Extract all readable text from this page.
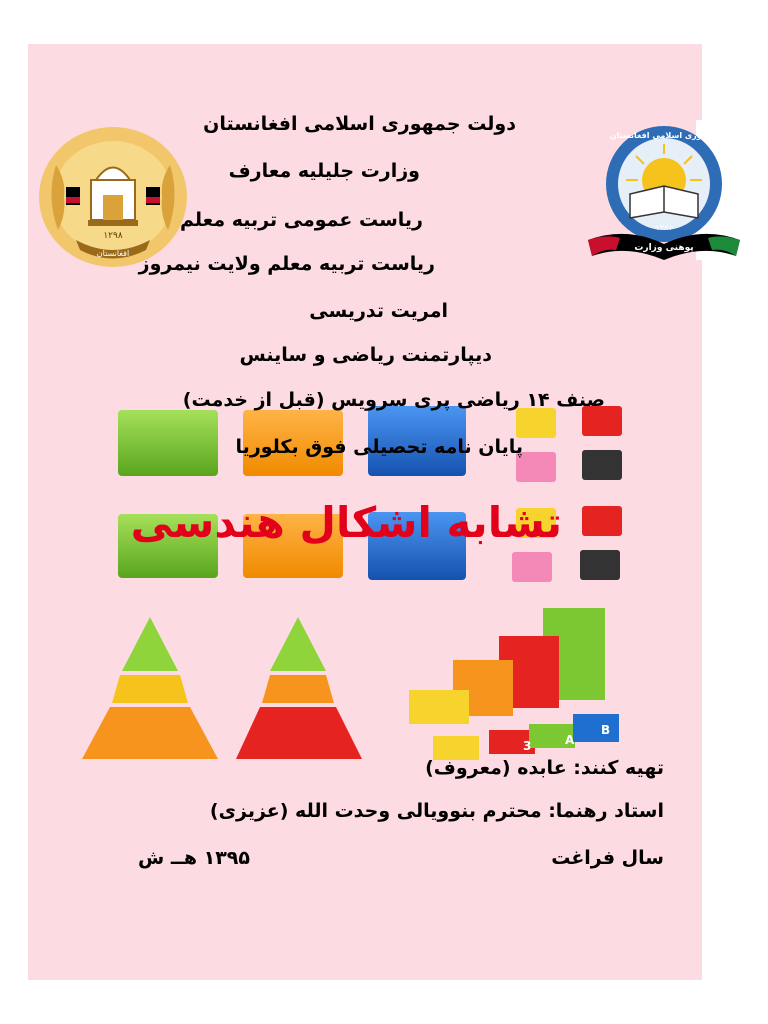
۱۲۹۸
افغانستان
جمهوری اسلامی افغانستان
۱۳۸۱
پوهنی وزارت
دولت جمهوری اسلامی افغانستان
وزارت جلیلیه معارف
ریاست عمومی تربیه معلم
ریاست تربیه معلم ولایت نیمروز
امریت تدریسی
دیپارتمنت ریاضی و ساینس
صنف ۱۴ ریاضی پری سرویس (قبل از خدمت)
پایان نامه تحصیلی فوق بکلوریا
تشابه اشکال هندسی
A
B
3
تهیه کنند: عابده (معروف)
استاد رهنما: محترم بنوویالی وحدت الله (عزیزی)
سال فراغت
۱۳۹۵ هــ ش
